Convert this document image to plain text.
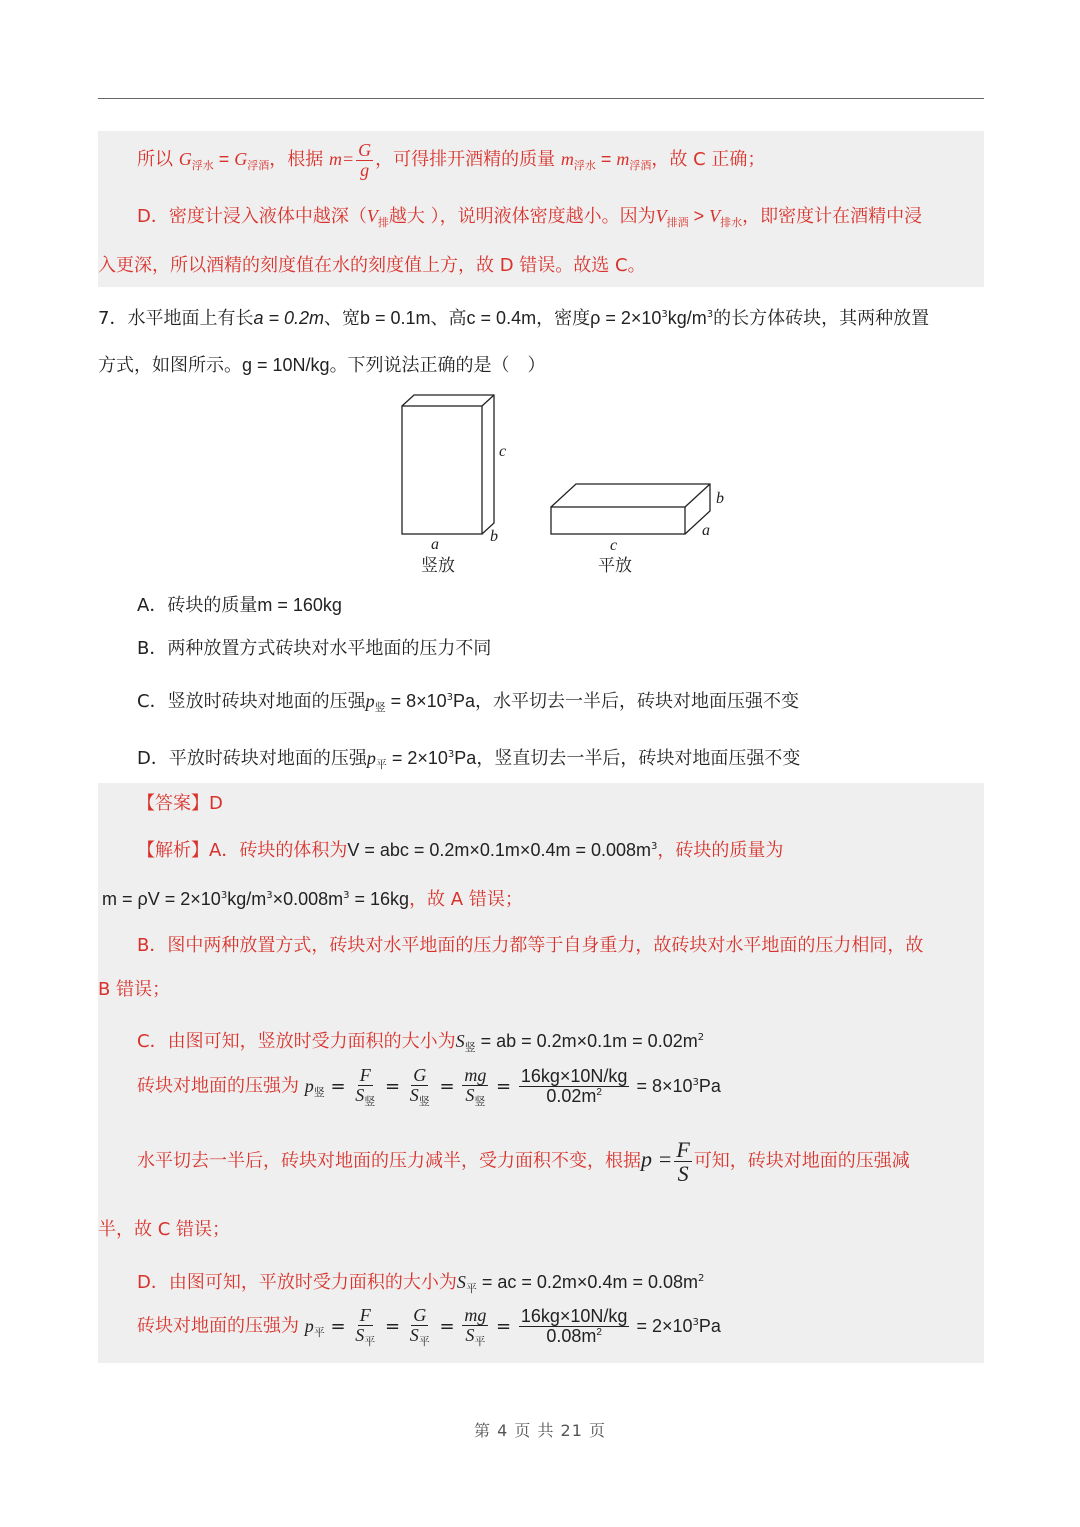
所以 $G_{浮水} = G_{浮酒}$，根据 $m= \frac{G}{g}$ ，可得排开酒精的质量 $m_{浮水} = m_{浮酒}$，故 C 正确；
D．密度计浸入液体中越深（$V_排$越大 ），说明液体密度越小。因为$V_{排酒} > V_{排水}$，即密度计在酒精中浸
入更深，所以酒精的刻度值在水的刻度值上方，故 D 错误。故选 C。
7．水平地面上有长a = 0.2m、宽b = 0.1m、高c = 0.4m，密度$\rho = 2\times 10^3kg/m^3$的长方体砖块，其两种放置
方式，如图所示。g = 10N/kg。下列说法正确的是（　）
c
b
a
竖放
b
a
c
平放
A．砖块的质量m = 160kg
B．两种放置方式砖块对水平地面的压力不同
C．竖放时砖块对地面的压强$p_竖 = 8\times 10^3Pa$，水平切去一半后，砖块对地面压强不变
D．平放时砖块对地面的压强$p_平 = 2\times 10^3Pa$，竖直切去一半后，砖块对地面压强不变
【答案】D
【解析】A．砖块的体积为V = abc = $0.2m\times 0.1m\times 0.4m = 0.008m^3$，砖块的质量为
$m = \rho V = 2\times 10^3kg/m^3\times 0.008m^3 = 16kg$，故 A 错误；
B．图中两种放置方式，砖块对水平地面的压力都等于自身重力，故砖块对水平地面的压力相同，故
B 错误；
C．由图可知，竖放时受力面积的大小为$S_竖$ = ab = $0.2m\times 0.1m = 0.02m^2$
砖块对地面的压强为 $p_竖 = \frac{F}{S_竖} = \frac{G}{S_竖} = \frac{mg}{S_竖} = \frac{16kg\times 10N/kg}{0.02m^2} = 8\times 10^3Pa$
水平切去一半后，砖块对地面的压力减半，受力面积不变，根据$p = \frac{F}{S}$ 可知，砖块对地面的压强减
半，故 C 错误；
D．由图可知，平放时受力面积的大小为$S_平$ = ac = $0.2m\times 0.4m = 0.08m^2$
砖块对地面的压强为 $p_平 = \frac{F}{S_平} = \frac{G}{S_平} = \frac{mg}{S_平} = \frac{16kg\times 10N/kg}{0.08m^2} = 2\times 10^3Pa$
第 4 页 共 21 页
